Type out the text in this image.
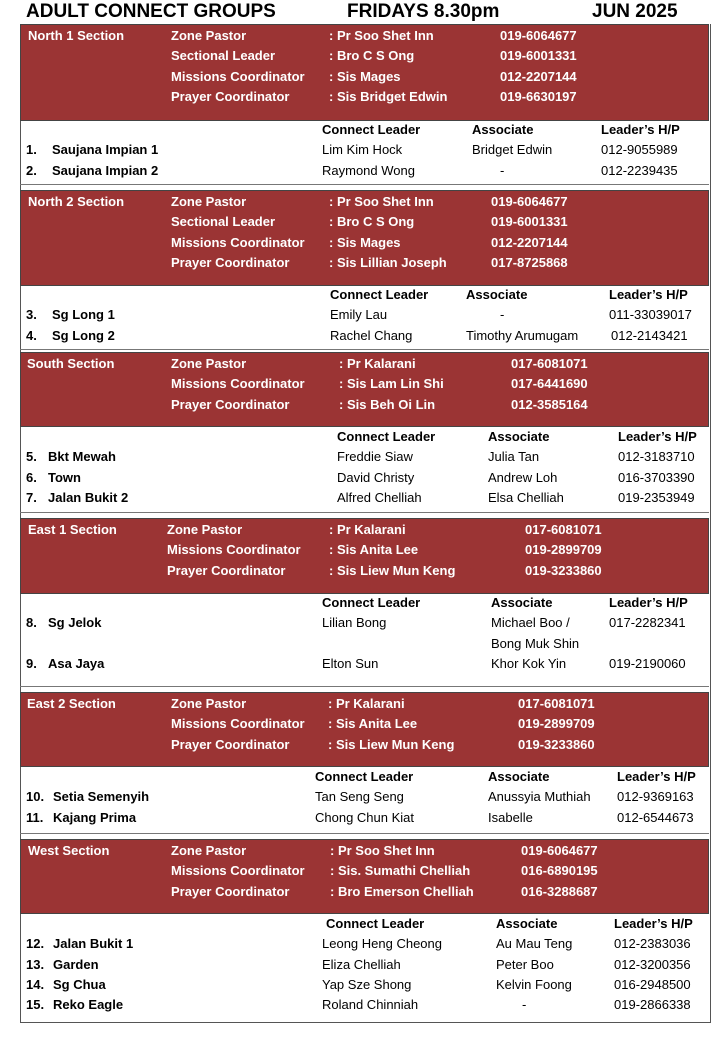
ADULT CONNECT GROUPS	FRIDAYS 8.30pm	JUN 2025
North 1 Section	Zone Pastor	: Pr Soo Shet Inn	019-6064677
Sectional Leader	: Bro C S Ong	019-6001331
Missions Coordinator : Sis Mages	012-2207144
Prayer Coordinator	: Sis Bridget Edwin	019-6630197
Connect Leader	Associate	Leader’s H/P
1. Saujana Impian 1	Lim Kim Hock	Bridget Edwin	012-9055989
2. Saujana Impian 2	Raymond Wong	-	012-2239435
North 2 Section	Zone Pastor	: Pr Soo Shet Inn	019-6064677
Sectional Leader	: Bro C S Ong	019-6001331
Missions Coordinator : Sis Mages	012-2207144
Prayer Coordinator	: Sis Lillian Joseph	017-8725868
Connect Leader	Associate	Leader’s H/P
3. Sg Long 1	Emily Lau	-	011-33039017
4. Sg Long 2	Rachel Chang	Timothy Arumugam	012-2143421
South Section	Zone Pastor	: Pr Kalarani	017-6081071
Missions Coordinator	: Sis Lam Lin Shi	017-6441690
Prayer Coordinator	: Sis Beh Oi Lin	012-3585164
Connect Leader	Associate	Leader’s H/P
5. Bkt Mewah	Freddie Siaw	Julia Tan	012-3183710
6. Town	David Christy	Andrew Loh	016-3703390
7. Jalan Bukit 2	Alfred Chelliah	Elsa Chelliah	019-2353949
East 1 Section	Zone Pastor	: Pr Kalarani	017-6081071
Missions Coordinator : Sis Anita Lee	019-2899709
Prayer Coordinator	: Sis Liew Mun Keng	019-3233860
Connect Leader	Associate	Leader’s H/P
8. Sg Jelok	Lilian Bong	Michael Boo /	017-2282341
Bong Muk Shin
9. Asa Jaya	Elton Sun	Khor Kok Yin	019-2190060
East 2 Section	Zone Pastor	: Pr Kalarani	017-6081071
Missions Coordinator : Sis Anita Lee	019-2899709
Prayer Coordinator	: Sis Liew Mun Keng	019-3233860
Connect Leader	Associate	Leader’s H/P
10. Setia Semenyih	Tan Seng Seng	Anussyia Muthiah 012-9369163
11. Kajang Prima	Chong Chun Kiat	Isabelle	012-6544673
West Section	Zone Pastor	: Pr Soo Shet Inn	019-6064677
Missions Coordinator : Sis. Sumathi Chelliah	016-6890195
Prayer Coordinator	: Bro Emerson Chelliah	016-3288687
Connect Leader	Associate	Leader’s H/P
12. Jalan Bukit 1	Leong Heng Cheong	Au Mau Teng	012-2383036
13. Garden	Eliza Chelliah	Peter Boo	012-3200356
14. Sg Chua	Yap Sze Shong	Kelvin Foong	016-2948500
15. Reko Eagle	Roland Chinniah	-	019-2866338
